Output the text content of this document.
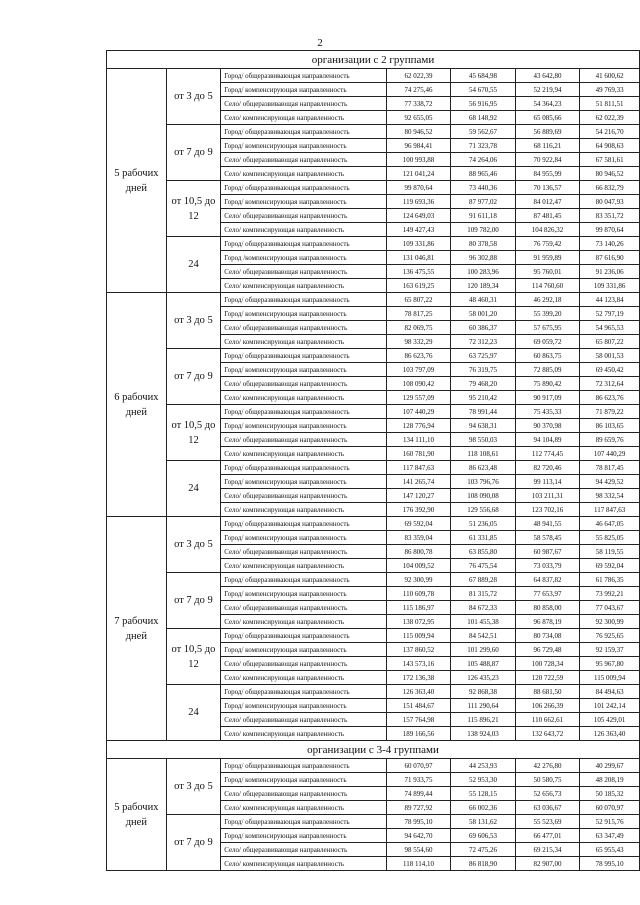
2
организации с 2 группами						
5 рабочих дней	от 3 до 5	Город/ общеразвивающая направленность	62 022,39	45 684,98	43 642,80	41 600,62
		Город/ компенсирующая направленность	74 275,46	54 670,55	52 219,94	49 769,33
		Село/ общеразвивающая направленность	77 338,72	56 916,95	54 364,23	51 811,51
		Село/ компенсирующая направленность	92 655,05	68 148,92	65 085,66	62 022,39
	от 7 до 9	Город/ общеразвивающая направленность	80 946,52	59 562,67	56 889,69	54 216,70
		Город/ компенсирующая направленность	96 984,41	71 323,78	68 116,21	64 908,63
		Село/ общеразвивающая направленность	100 993,88	74 264,06	70 922,84	67 581,61
		Село/ компенсирующая направленность	121 041,24	88 965,46	84 955,99	80 946,52
	от 10,5 до 12	Город/ общеразвивающая направленность	99 870,64	73 440,36	70 136,57	66 832,79
		Город/ компенсирующая направленность	119 693,36	87 977,02	84 012,47	80 047,93
		Село/ общеразвивающая направленность	124 649,03	91 611,18	87 481,45	83 351,72
		Село/ компенсирующая направленность	149 427,43	109 782,00	104 826,32	99 870,64
	24	Город/ общеразвивающая направленность	109 331,86	80 378,58	76 759,42	73 140,26
		Город /компенсирующая направленность	131 046,81	96 302,88	91 959,89	87 616,90
		Село/ общеразвивающая направленность	136 475,55	100 283,96	95 760,01	91 236,06
		Село/ компенсирующая направленность	163 619,25	120 189,34	114 760,60	109 331,86
6 рабочих дней	от 3 до 5	Город/ общеразвивающая направленность	65 807,22	48 460,31	46 292,18	44 123,84
		Город/ компенсирующая направленность	78 817,25	58 001,20	55 399,20	52 797,19
		Село/ общеразвивающая направленность	82 069,75	60 386,37	57 675,95	54 965,53
		Село/ компенсирующая направленность	98 332,29	72 312,23	69 059,72	65 807,22
	от 7 до 9	Город/ общеразвивающая направленность	86 623,76	63 725,97	60 863,75	58 001,53
		Город/ компенсирующая направленность	103 797,09	76 319,75	72 885,09	69 450,42
		Село/ общеразвивающая направленность	108 090,42	79 468,20	75 890,42	72 312,64
		Село/ компенсирующая направленность	129 557,09	95 210,42	90 917,09	86 623,76
	от 10,5 до 12	Город/ общеразвивающая направленность	107 440,29	78 991,44	75 435,33	71 879,22
		Город/ компенсирующая направленность	128 776,94	94 638,31	90 370,98	86 103,65
		Село/ общеразвивающая направленность	134 111,10	98 550,03	94 104,89	89 659,76
		Село/ компенсирующая направленность	160 781,90	118 108,61	112 774,45	107 440,29
	24	Город/ общеразвивающая направленность	117 847,63	86 623,48	82 720,46	78 817,45
		Город/ компенсирующая направленность	141 265,74	103 796,76	99 113,14	94 429,52
		Село/ общеразвивающая направленность	147 120,27	108 090,08	103 211,31	98 332,54
		Село/ компенсирующая направленность	176 392,90	129 556,68	123 702,16	117 847,63
7 рабочих дней	от 3 до 5	Город/ общеразвивающая направленность	69 592,04	51 236,05	48 941,55	46 647,05
		Город/ компенсирующая направленность	83 359,04	61 331,85	58 578,45	55 825,05
		Село/ общеразвивающая направленность	86 800,78	63 855,80	60 987,67	58 119,55
		Село/ компенсирующая направленность	104 009,52	76 475,54	73 033,79	69 592,04
	от 7 до 9	Город/ общеразвивающая направленность	92 300,99	67 889,28	64 837,82	61 786,35
		Город/ компенсирующая направленность	110 609,78	81 315,72	77 653,97	73 992,21
		Село/ общеразвивающая направленность	115 186,97	84 672,33	80 858,00	77 043,67
		Село/ компенсирующая направленность	138 072,95	101 455,38	96 878,19	92 300,99
	от 10,5 до 12	Город/ общеразвивающая направленность	115 009,94	84 542,51	80 734,08	76 925,65
		Город/ компенсирующая направленность	137 860,52	101 299,60	96 729,48	92 159,37
		Село/ общеразвивающая направленность	143 573,16	105 488,87	100 728,34	95 967,80
		Село/ компенсирующая направленность	172 136,38	126 435,23	120 722,59	115 009,94
	24	Город/ общеразвивающая направленность	126 363,40	92 868,38	88 681,50	84 494,63
		Город/ компенсирующая направленность	151 484,67	111 290,64	106 266,39	101 242,14
		Село/ общеразвивающая направленность	157 764,98	115 896,21	110 662,61	105 429,01
		Село/ компенсирующая направленность	189 166,56	138 924,03	132 643,72	126 363,40
организации с 3-4 группами						
5 рабочих дней	от 3 до 5	Город/ общеразвивающая направленность	60 070,97	44 253,93	42 276,80	40 299,67
		Город/ компенсирующая направленность	71 933,75	52 953,30	50 580,75	48 208,19
		Село/ общеразвивающая направленность	74 899,44	55 128,15	52 656,73	50 185,32
		Село/ компенсирующая направленность	89 727,92	66 002,36	63 036,67	60 070,97
	от 7 до 9	Город/ общеразвивающая направленность	78 995,10	58 131,62	55 523,69	52 915,76
		Город/ компенсирующая направленность	94 642,70	69 606,53	66 477,01	63 347,49
		Село/ общеразвивающая направленность	98 554,60	72 475,26	69 215,34	65 955,43
		Село/ компенсирующая направленность	118 114,10	86 818,90	82 907,00	78 995,10
